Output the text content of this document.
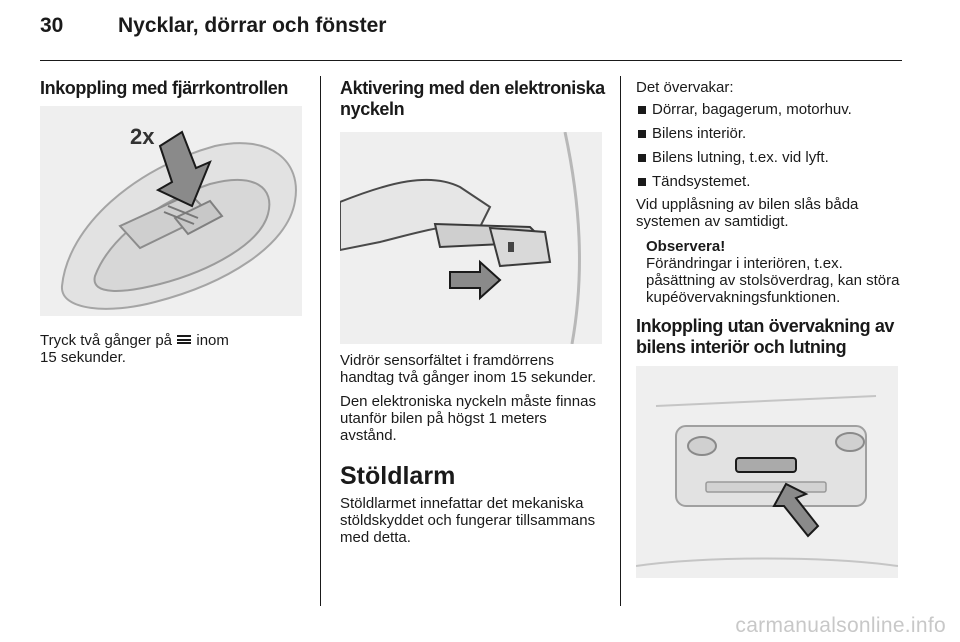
30	Nycklar, dörrar och fönster
Inkoppling med fjärrkontrollen
2x

Tryck två gånger på inom

15 sekunder.

Aktivering med den elektroniska nyckeln

Vidrör sensorfältet i framdörrens handtag två gånger inom 15 sekunder.

Den elektroniska nyckeln måste finnas utanför bilen på högst 1 meters avstånd.

Stöldlarm

Stöldlarmet innefattar det mekaniska stöldskyddet och fungerar tillsammans med detta.

Det övervakar:

Dörrar, bagagerum, motorhuv.
Bilens interiör.
Bilens lutning, t.ex. vid lyft.
Tändsystemet.

Vid upplåsning av bilen slås båda systemen av samtidigt.

Observera!

Förändringar i interiören, t.ex. påsättning av stolsöverdrag, kan störa kupéövervakningsfunktionen.

Inkoppling utan övervakning av bilens interiör och lutning
carmanualsonline.info
